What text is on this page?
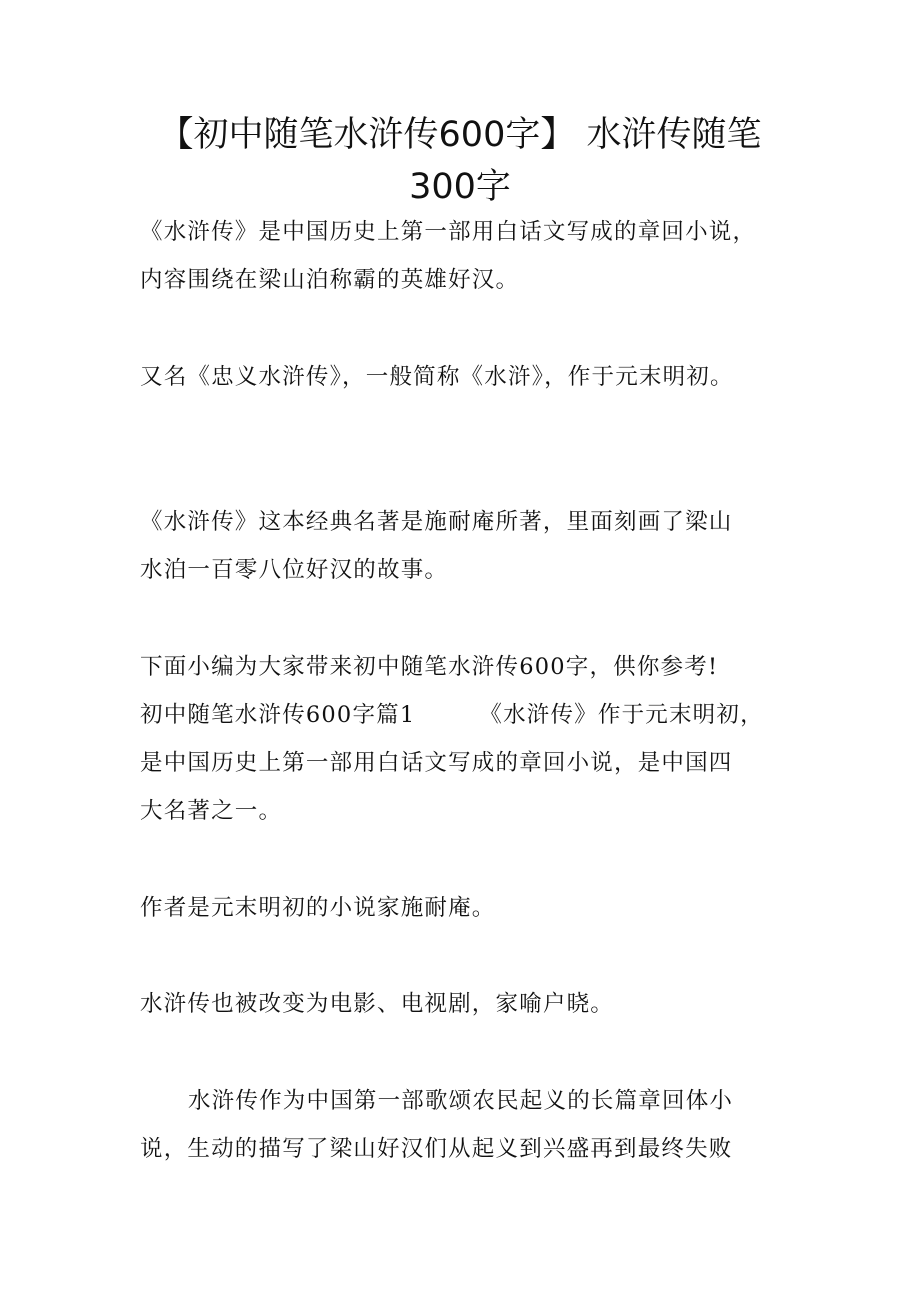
【初中随笔水浒传600字】 水浒传随笔
300字
《水浒传》是中国历史上第一部用白话文写成的章回小说，
内容围绕在梁山泊称霸的英雄好汉。
又名《忠义水浒传》，一般简称《水浒》，作于元末明初。
《水浒传》这本经典名著是施耐庵所著，里面刻画了梁山
水泊一百零八位好汉的故事。
下面小编为大家带来初中随笔水浒传600字，供你参考!
初中随笔水浒传600字篇1	《水浒传》作于元末明初，
是中国历史上第一部用白话文写成的章回小说，是中国四
大名著之一。
作者是元末明初的小说家施耐庵。
水浒传也被改变为电影、电视剧，家喻户晓。
水浒传作为中国第一部歌颂农民起义的长篇章回体小
说，生动的描写了梁山好汉们从起义到兴盛再到最终失败
